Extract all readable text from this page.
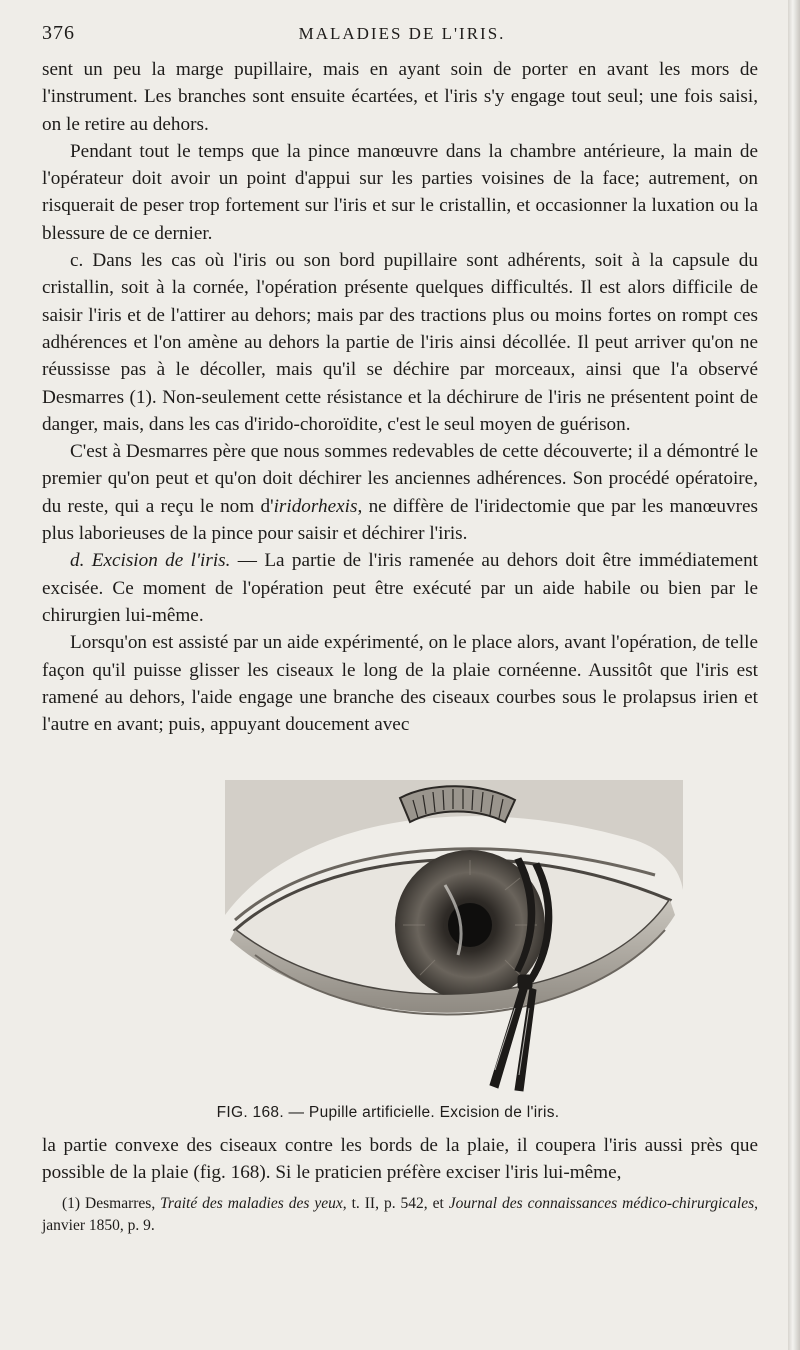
376	MALADIES DE L'IRIS.

sent un peu la marge pupillaire, mais en ayant soin de porter en avant les mors de l'instrument. Les branches sont ensuite écartées, et l'iris s'y engage tout seul; une fois saisi, on le retire au dehors.

Pendant tout le temps que la pince manœuvre dans la chambre antérieure, la main de l'opérateur doit avoir un point d'appui sur les parties voisines de la face; autrement, on risquerait de peser trop fortement sur l'iris et sur le cristallin, et occasionner la luxation ou la blessure de ce dernier.

c. Dans les cas où l'iris ou son bord pupillaire sont adhérents, soit à la capsule du cristallin, soit à la cornée, l'opération présente quelques difficultés. Il est alors difficile de saisir l'iris et de l'attirer au dehors; mais par des tractions plus ou moins fortes on rompt ces adhérences et l'on amène au dehors la partie de l'iris ainsi décollée. Il peut arriver qu'on ne réussisse pas à le décoller, mais qu'il se déchire par morceaux, ainsi que l'a observé Desmarres (1). Non-seulement cette résistance et la déchirure de l'iris ne présentent point de danger, mais, dans les cas d'irido-choroïdite, c'est le seul moyen de guérison.

C'est à Desmarres père que nous sommes redevables de cette découverte; il a démontré le premier qu'on peut et qu'on doit déchirer les anciennes adhérences. Son procédé opératoire, du reste, qui a reçu le nom d'iridorhexis, ne diffère de l'iridectomie que par les manœuvres plus laborieuses de la pince pour saisir et déchirer l'iris.

d. Excision de l'iris. — La partie de l'iris ramenée au dehors doit être immédiatement excisée. Ce moment de l'opération peut être exécuté par un aide habile ou bien par le chirurgien lui-même.

Lorsqu'on est assisté par un aide expérimenté, on le place alors, avant l'opération, de telle façon qu'il puisse glisser les ciseaux le long de la plaie cornéenne. Aussitôt que l'iris est ramené au dehors, l'aide engage une branche des ciseaux courbes sous le prolapsus irien et l'autre en avant; puis, appuyant doucement avec

FIG. 168. — Pupille artificielle. Excision de l'iris.

la partie convexe des ciseaux contre les bords de la plaie, il coupera l'iris aussi près que possible de la plaie (fig. 168). Si le praticien préfère exciser l'iris lui-même,

(1) Desmarres, Traité des maladies des yeux, t. II, p. 542, et Journal des connaissances médico-chirurgicales, janvier 1850, p. 9.
